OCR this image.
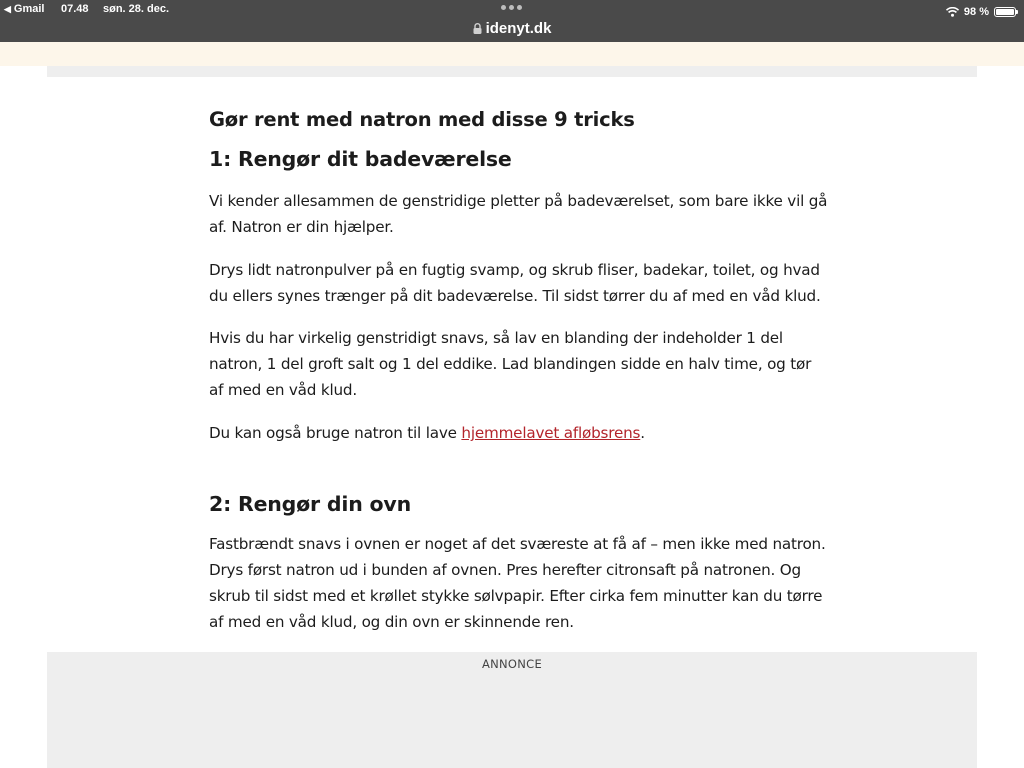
◀ Gmail 07.48 søn. 28. dec.	98 %
idenyt.dk
Gør rent med natron med disse 9 tricks
1: Rengør dit badeværelse

Vi kender allesammen de genstridige pletter på badeværelset, som bare ikke vil gå af. Natron er din hjælper.

Drys lidt natronpulver på en fugtig svamp, og skrub fliser, badekar, toilet, og hvad du ellers synes trænger på dit badeværelse. Til sidst tørrer du af med en våd klud.

Hvis du har virkelig genstridigt snavs, så lav en blanding der indeholder 1 del natron, 1 del groft salt og 1 del eddike. Lad blandingen sidde en halv time, og tør af med en våd klud.

Du kan også bruge natron til lave hjemmelavet afløbsrens.

2: Rengør din ovn

Fastbrændt snavs i ovnen er noget af det sværeste at få af – men ikke med natron. Drys først natron ud i bunden af ovnen. Pres herefter citronsaft på natronen. Og skrub til sidst med et krøllet stykke sølvpapir. Efter cirka fem minutter kan du tørre af med en våd klud, og din ovn er skinnende ren.

ANNONCE
